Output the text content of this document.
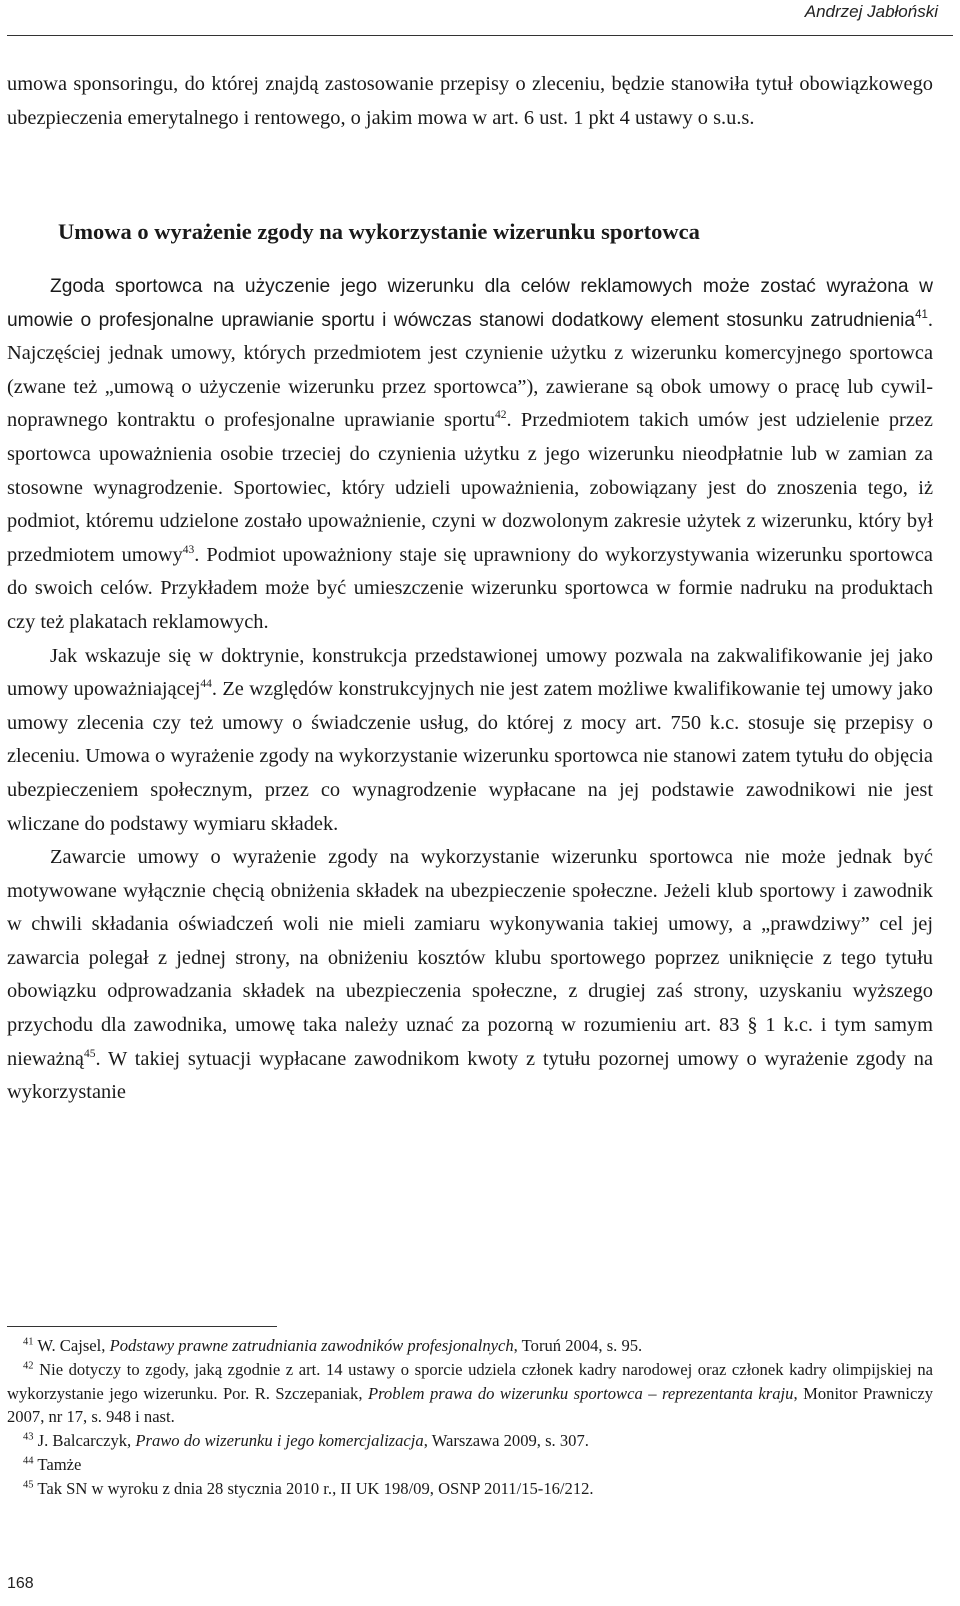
Andrzej Jabłoński

umowa sponsoringu, do której znajdą zastosowanie przepisy o zleceniu, będzie stanowiła tytuł obowiązkowego ubezpieczenia emerytalnego i rentowego, o jakim mowa w art. 6 ust. 1 pkt 4 ustawy o s.u.s.

Umowa o wyrażenie zgody na wykorzystanie wizerunku sportowca

Zgoda sportowca na użyczenie jego wizerunku dla celów reklamowych może zostać wyrażona w umowie o profesjonalne uprawianie sportu i wówczas stanowi dodatkowy element stosunku zatrudnienia$^{41}$. Najczęściej jednak umowy, których przedmiotem jest czynienie użytku z wizerunku komercyjnego sportowca (zwane też „umową o użyczenie wizerunku przez sportowca”), zawierane są obok umowy o pracę lub cywilnoprawnego kontraktu o profesjonalne uprawianie sportu$^{42}$. Przedmiotem takich umów jest udzielenie przez sportowca upoważnienia osobie trzeciej do czynienia użytku z jego wizerunku nieodpłatnie lub w zamian za stosowne wynagrodzenie. Sportowiec, który udzieli upoważnienia, zobowiązany jest do znoszenia tego, iż podmiot, któremu udzielone zostało upoważnienie, czyni w dozwolonym zakresie użytek z wizerunku, który był przedmiotem umowy$^{43}$. Podmiot upoważniony staje się uprawniony do wykorzystywania wizerunku sportowca do swoich celów. Przykładem może być umieszczenie wizerunku sportowca w formie nadruku na produktach czy też plakatach reklamowych.

Jak wskazuje się w doktrynie, konstrukcja przedstawionej umowy pozwala na zakwalifikowanie jej jako umowy upoważniającej$^{44}$. Ze względów konstrukcyjnych nie jest zatem możliwe kwalifikowanie tej umowy jako umowy zlecenia czy też umowy o świadczenie usług, do której z mocy art. 750 k.c. stosuje się przepisy o zleceniu. Umowa o wyrażenie zgody na wykorzystanie wizerunku sportowca nie stanowi zatem tytułu do objęcia ubezpieczeniem społecznym, przez co wynagrodzenie wypłacane na jej podstawie zawodnikowi nie jest wliczane do podstawy wymiaru składek.

Zawarcie umowy o wyrażenie zgody na wykorzystanie wizerunku sportowca nie może jednak być motywowane wyłącznie chęcią obniżenia składek na ubezpieczenie społeczne. Jeżeli klub sportowy i zawodnik w chwili składania oświadczeń woli nie mieli zamiaru wykonywania takiej umowy, a „prawdziwy” cel jej zawarcia polegał z jednej strony, na obniżeniu kosztów klubu sportowego poprzez uniknięcie z tego tytułu obowiązku odprowadzania składek na ubezpieczenia społeczne, z drugiej zaś strony, uzyskaniu wyższego przychodu dla zawodnika, umowę taka należy uznać za pozorną w rozumieniu art. 83 § 1 k.c. i tym samym nieważną$^{45}$. W takiej sytuacji wypłacane zawodnikom kwoty z tytułu pozornej umowy o wyrażenie zgody na wykorzystanie

$^{41}$ W. Cajsel, Podstawy prawne zatrudniania zawodników profesjonalnych, Toruń 2004, s. 95.
$^{42}$ Nie dotyczy to zgody, jaką zgodnie z art. 14 ustawy o sporcie udziela członek kadry narodowej oraz członek kadry olimpijskiej na wykorzystanie jego wizerunku. Por. R. Szczepaniak, Problem prawa do wizerunku sportowca – reprezentanta kraju, Monitor Prawniczy 2007, nr 17, s. 948 i nast.
$^{43}$ J. Balcarczyk, Prawo do wizerunku i jego komercjalizacja, Warszawa 2009, s. 307.
$^{44}$ Tamże
$^{45}$ Tak SN w wyroku z dnia 28 stycznia 2010 r., II UK 198/09, OSNP 2011/15-16/212.
168
